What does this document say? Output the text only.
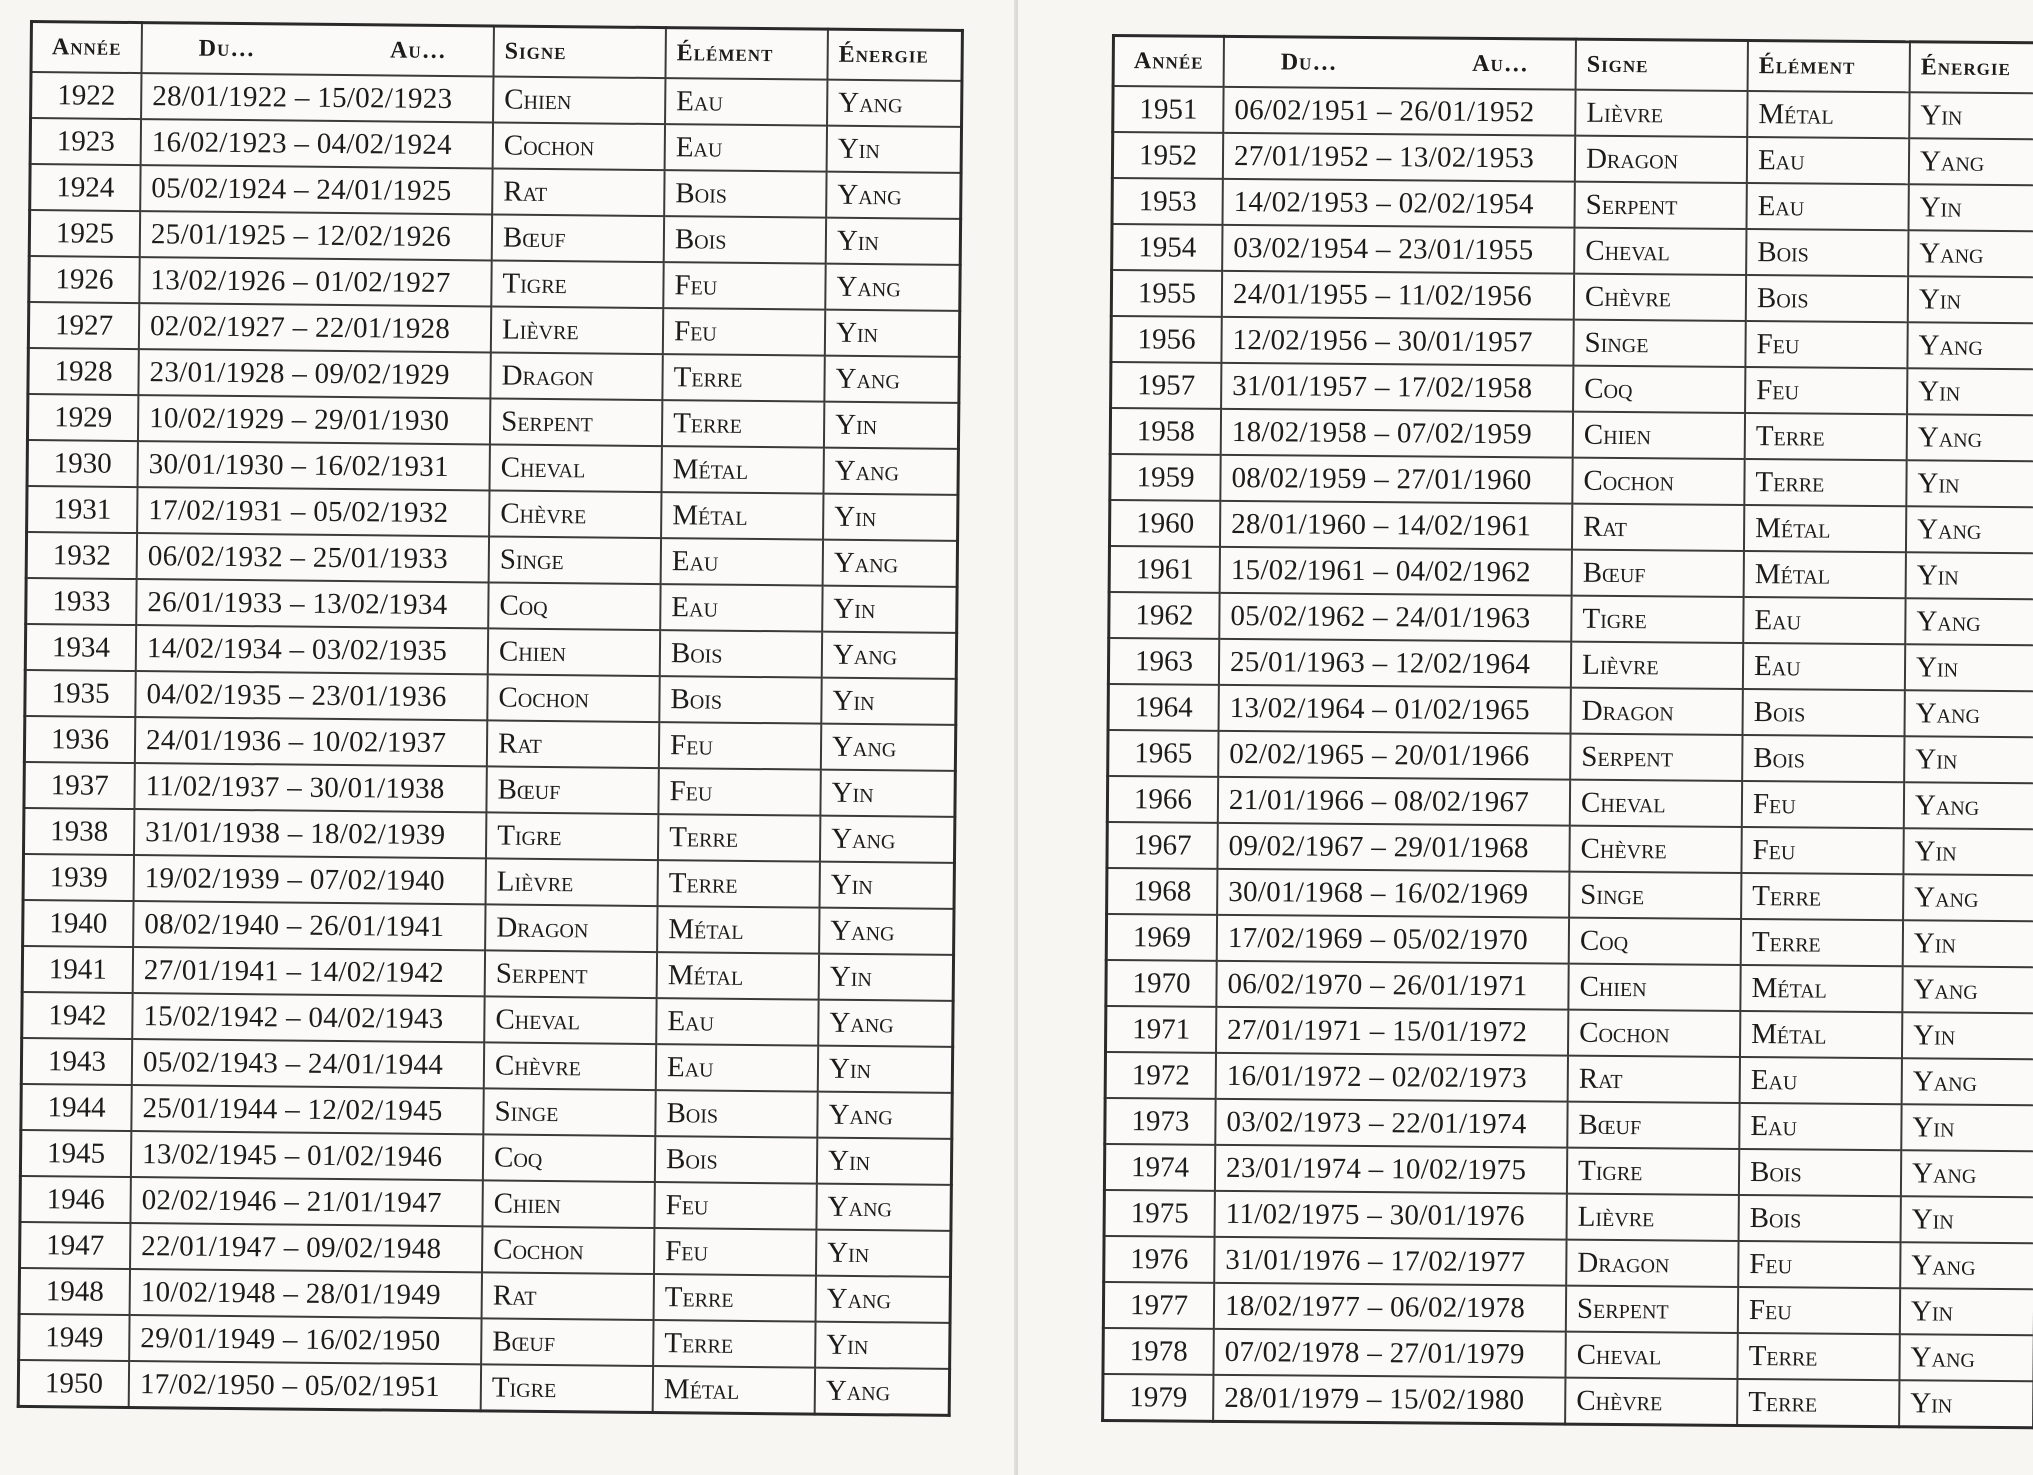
Année	Du… Au…	Signe	Élément	Énergie
1922	28/01/1922 – 15/02/1923	Chien	Eau	Yang
1923	16/02/1923 – 04/02/1924	Cochon	Eau	Yin
1924	05/02/1924 – 24/01/1925	Rat	Bois	Yang
1925	25/01/1925 – 12/02/1926	Bœuf	Bois	Yin
1926	13/02/1926 – 01/02/1927	Tigre	Feu	Yang
1927	02/02/1927 – 22/01/1928	Lièvre	Feu	Yin
1928	23/01/1928 – 09/02/1929	Dragon	Terre	Yang
1929	10/02/1929 – 29/01/1930	Serpent	Terre	Yin
1930	30/01/1930 – 16/02/1931	Cheval	Métal	Yang
1931	17/02/1931 – 05/02/1932	Chèvre	Métal	Yin
1932	06/02/1932 – 25/01/1933	Singe	Eau	Yang
1933	26/01/1933 – 13/02/1934	Coq	Eau	Yin
1934	14/02/1934 – 03/02/1935	Chien	Bois	Yang
1935	04/02/1935 – 23/01/1936	Cochon	Bois	Yin
1936	24/01/1936 – 10/02/1937	Rat	Feu	Yang
1937	11/02/1937 – 30/01/1938	Bœuf	Feu	Yin
1938	31/01/1938 – 18/02/1939	Tigre	Terre	Yang
1939	19/02/1939 – 07/02/1940	Lièvre	Terre	Yin
1940	08/02/1940 – 26/01/1941	Dragon	Métal	Yang
1941	27/01/1941 – 14/02/1942	Serpent	Métal	Yin
1942	15/02/1942 – 04/02/1943	Cheval	Eau	Yang
1943	05/02/1943 – 24/01/1944	Chèvre	Eau	Yin
1944	25/01/1944 – 12/02/1945	Singe	Bois	Yang
1945	13/02/1945 – 01/02/1946	Coq	Bois	Yin
1946	02/02/1946 – 21/01/1947	Chien	Feu	Yang
1947	22/01/1947 – 09/02/1948	Cochon	Feu	Yin
1948	10/02/1948 – 28/01/1949	Rat	Terre	Yang
1949	29/01/1949 – 16/02/1950	Bœuf	Terre	Yin
1950	17/02/1950 – 05/02/1951	Tigre	Métal	Yang
Année	Du… Au…	Signe	Élément	Énergie
1951	06/02/1951 – 26/01/1952	Lièvre	Métal	Yin
1952	27/01/1952 – 13/02/1953	Dragon	Eau	Yang
1953	14/02/1953 – 02/02/1954	Serpent	Eau	Yin
1954	03/02/1954 – 23/01/1955	Cheval	Bois	Yang
1955	24/01/1955 – 11/02/1956	Chèvre	Bois	Yin
1956	12/02/1956 – 30/01/1957	Singe	Feu	Yang
1957	31/01/1957 – 17/02/1958	Coq	Feu	Yin
1958	18/02/1958 – 07/02/1959	Chien	Terre	Yang
1959	08/02/1959 – 27/01/1960	Cochon	Terre	Yin
1960	28/01/1960 – 14/02/1961	Rat	Métal	Yang
1961	15/02/1961 – 04/02/1962	Bœuf	Métal	Yin
1962	05/02/1962 – 24/01/1963	Tigre	Eau	Yang
1963	25/01/1963 – 12/02/1964	Lièvre	Eau	Yin
1964	13/02/1964 – 01/02/1965	Dragon	Bois	Yang
1965	02/02/1965 – 20/01/1966	Serpent	Bois	Yin
1966	21/01/1966 – 08/02/1967	Cheval	Feu	Yang
1967	09/02/1967 – 29/01/1968	Chèvre	Feu	Yin
1968	30/01/1968 – 16/02/1969	Singe	Terre	Yang
1969	17/02/1969 – 05/02/1970	Coq	Terre	Yin
1970	06/02/1970 – 26/01/1971	Chien	Métal	Yang
1971	27/01/1971 – 15/01/1972	Cochon	Métal	Yin
1972	16/01/1972 – 02/02/1973	Rat	Eau	Yang
1973	03/02/1973 – 22/01/1974	Bœuf	Eau	Yin
1974	23/01/1974 – 10/02/1975	Tigre	Bois	Yang
1975	11/02/1975 – 30/01/1976	Lièvre	Bois	Yin
1976	31/01/1976 – 17/02/1977	Dragon	Feu	Yang
1977	18/02/1977 – 06/02/1978	Serpent	Feu	Yin
1978	07/02/1978 – 27/01/1979	Cheval	Terre	Yang
1979	28/01/1979 – 15/02/1980	Chèvre	Terre	Yin
